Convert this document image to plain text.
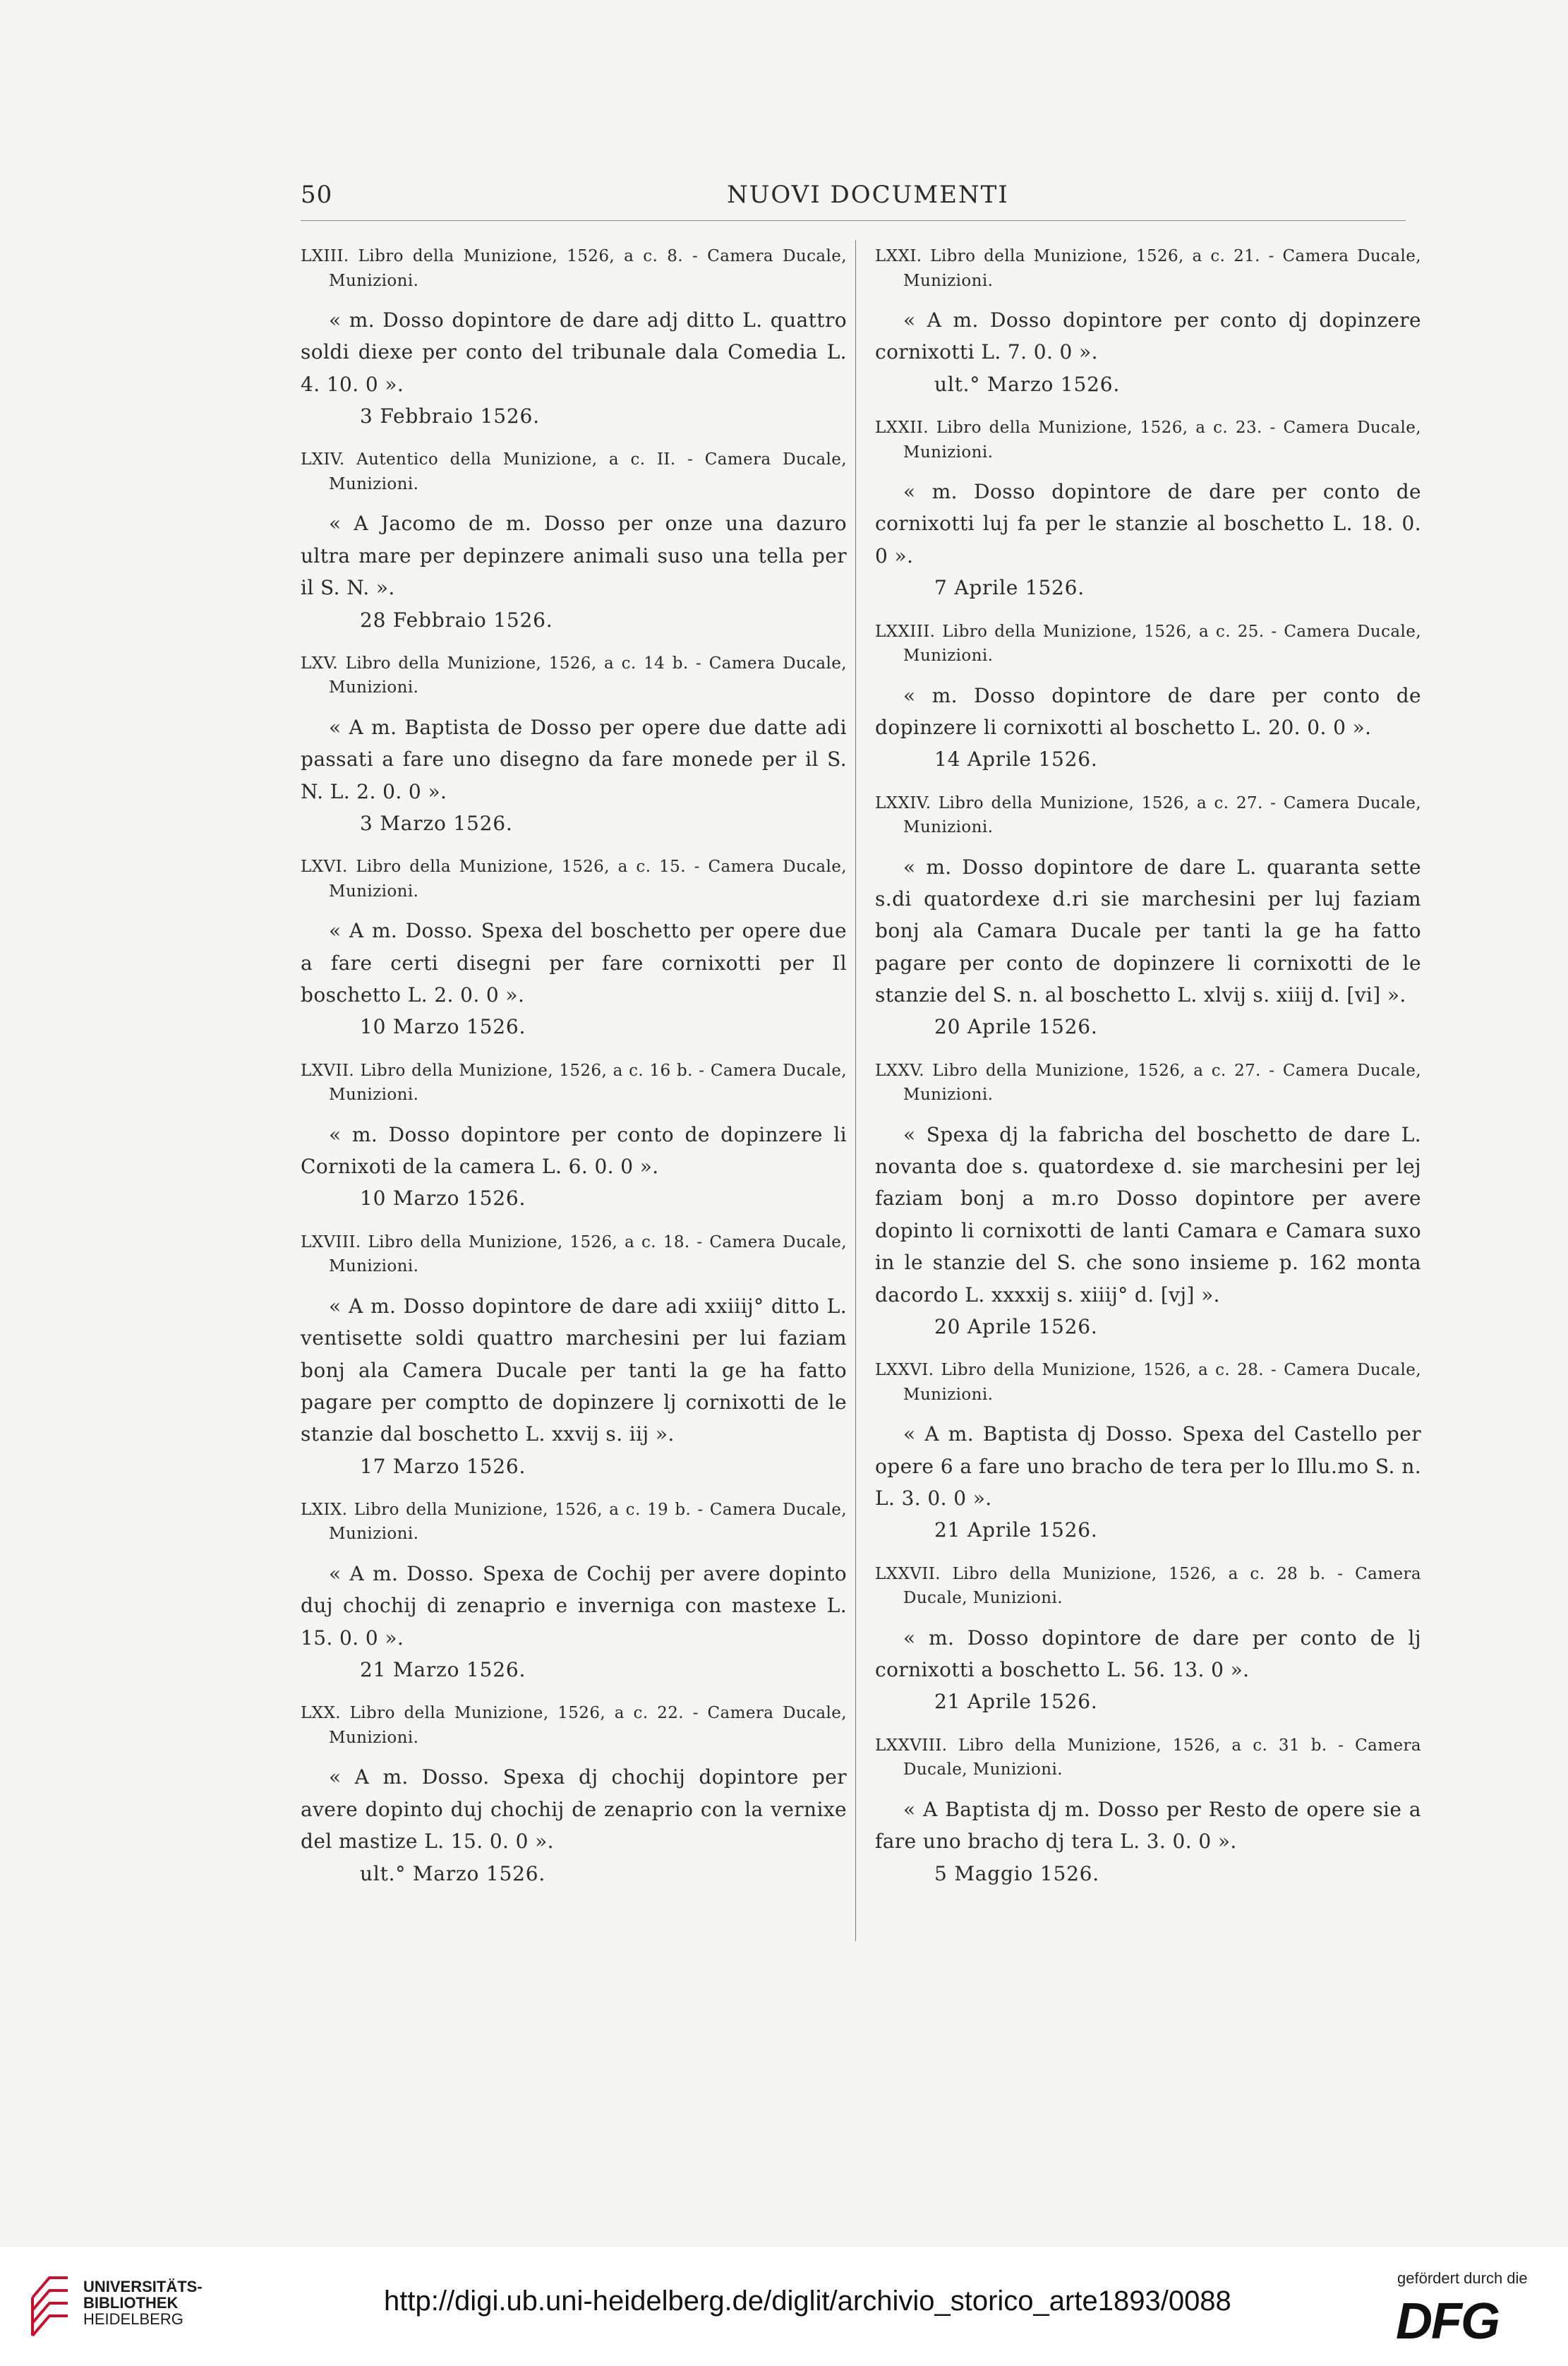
50	NUOVI DOCUMENTI
LXIII. Libro della Munizione, 1526, a c. 8. - Camera Ducale, Munizioni.

« m. Dosso dopintore de dare adj ditto L. quattro soldi diexe per conto del tribunale dala Comedia L. 4. 10. 0 ».

3 Febbraio 1526.

LXIV. Autentico della Munizione, a c. II. - Camera Ducale, Munizioni.

« A Jacomo de m. Dosso per onze una dazuro ultra mare per depinzere animali suso una tella per il S. N. ».

28 Febbraio 1526.

LXV. Libro della Munizione, 1526, a c. 14 b. - Camera Ducale, Munizioni.

« A m. Baptista de Dosso per opere due datte adi passati a fare uno disegno da fare monede per il S. N. L. 2. 0. 0 ».

3 Marzo 1526.

LXVI. Libro della Munizione, 1526, a c. 15. - Camera Ducale, Munizioni.

« A m. Dosso. Spexa del boschetto per opere due a fare certi disegni per fare cornixotti per Il boschetto L. 2. 0. 0 ».

10 Marzo 1526.

LXVII. Libro della Munizione, 1526, a c. 16 b. - Camera Ducale, Munizioni.

« m. Dosso dopintore per conto de dopinzere li Cornixoti de la camera L. 6. 0. 0 ».

10 Marzo 1526.

LXVIII. Libro della Munizione, 1526, a c. 18. - Camera Ducale, Munizioni.

« A m. Dosso dopintore de dare adi xxiiij° ditto L. ventisette soldi quattro marchesini per lui faziam bonj ala Camera Ducale per tanti la ge ha fatto pagare per comptto de dopinzere lj cornixotti de le stanzie dal boschetto L. xxvij s. iij ».

17 Marzo 1526.

LXIX. Libro della Munizione, 1526, a c. 19 b. - Camera Ducale, Munizioni.

« A m. Dosso. Spexa de Cochij per avere dopinto duj chochij di zenaprio e inverniga con mastexe L. 15. 0. 0 ».

21 Marzo 1526.

LXX. Libro della Munizione, 1526, a c. 22. - Camera Ducale, Munizioni.

« A m. Dosso. Spexa dj chochij dopintore per avere dopinto duj chochij de zenaprio con la vernixe del mastize L. 15. 0. 0 ».

ult.° Marzo 1526.

LXXI. Libro della Munizione, 1526, a c. 21. - Camera Ducale, Munizioni.

« A m. Dosso dopintore per conto dj dopinzere cornixotti L. 7. 0. 0 ».

ult.° Marzo 1526.

LXXII. Libro della Munizione, 1526, a c. 23. - Camera Ducale, Munizioni.

« m. Dosso dopintore de dare per conto de cornixotti luj fa per le stanzie al boschetto L. 18. 0. 0 ».

7 Aprile 1526.

LXXIII. Libro della Munizione, 1526, a c. 25. - Camera Ducale, Munizioni.

« m. Dosso dopintore de dare per conto de dopinzere li cornixotti al boschetto L. 20. 0. 0 ».

14 Aprile 1526.

LXXIV. Libro della Munizione, 1526, a c. 27. - Camera Ducale, Munizioni.

« m. Dosso dopintore de dare L. quaranta sette s.di quatordexe d.ri sie marchesini per luj faziam bonj ala Camara Ducale per tanti la ge ha fatto pagare per conto de dopinzere li cornixotti de le stanzie del S. n. al boschetto L. xlvij s. xiiij d. [vi] ».

20 Aprile 1526.

LXXV. Libro della Munizione, 1526, a c. 27. - Camera Ducale, Munizioni.

« Spexa dj la fabricha del boschetto de dare L. novanta doe s. quatordexe d. sie marchesini per lej faziam bonj a m.ro Dosso dopintore per avere dopinto li cornixotti de lanti Camara e Camara suxo in le stanzie del S. che sono insieme p. 162 monta dacordo L. xxxxij s. xiiij° d. [vj] ».

20 Aprile 1526.

LXXVI. Libro della Munizione, 1526, a c. 28. - Camera Ducale, Munizioni.

« A m. Baptista dj Dosso. Spexa del Castello per opere 6 a fare uno bracho de tera per lo Illu.mo S. n. L. 3. 0. 0 ».

21 Aprile 1526.

LXXVII. Libro della Munizione, 1526, a c. 28 b. - Camera Ducale, Munizioni.

« m. Dosso dopintore de dare per conto de lj cornixotti a boschetto L. 56. 13. 0 ».

21 Aprile 1526.

LXXVIII. Libro della Munizione, 1526, a c. 31 b. - Camera Ducale, Munizioni.

« A Baptista dj m. Dosso per Resto de opere sie a fare uno bracho dj tera L. 3. 0. 0 ».

5 Maggio 1526.

UNIVERSITÄTS-
BIBLIOTHEK
HEIDELBERG
http://digi.ub.uni-heidelberg.de/diglit/archivio_storico_arte1893/0088
gefördert durch die
DFG
